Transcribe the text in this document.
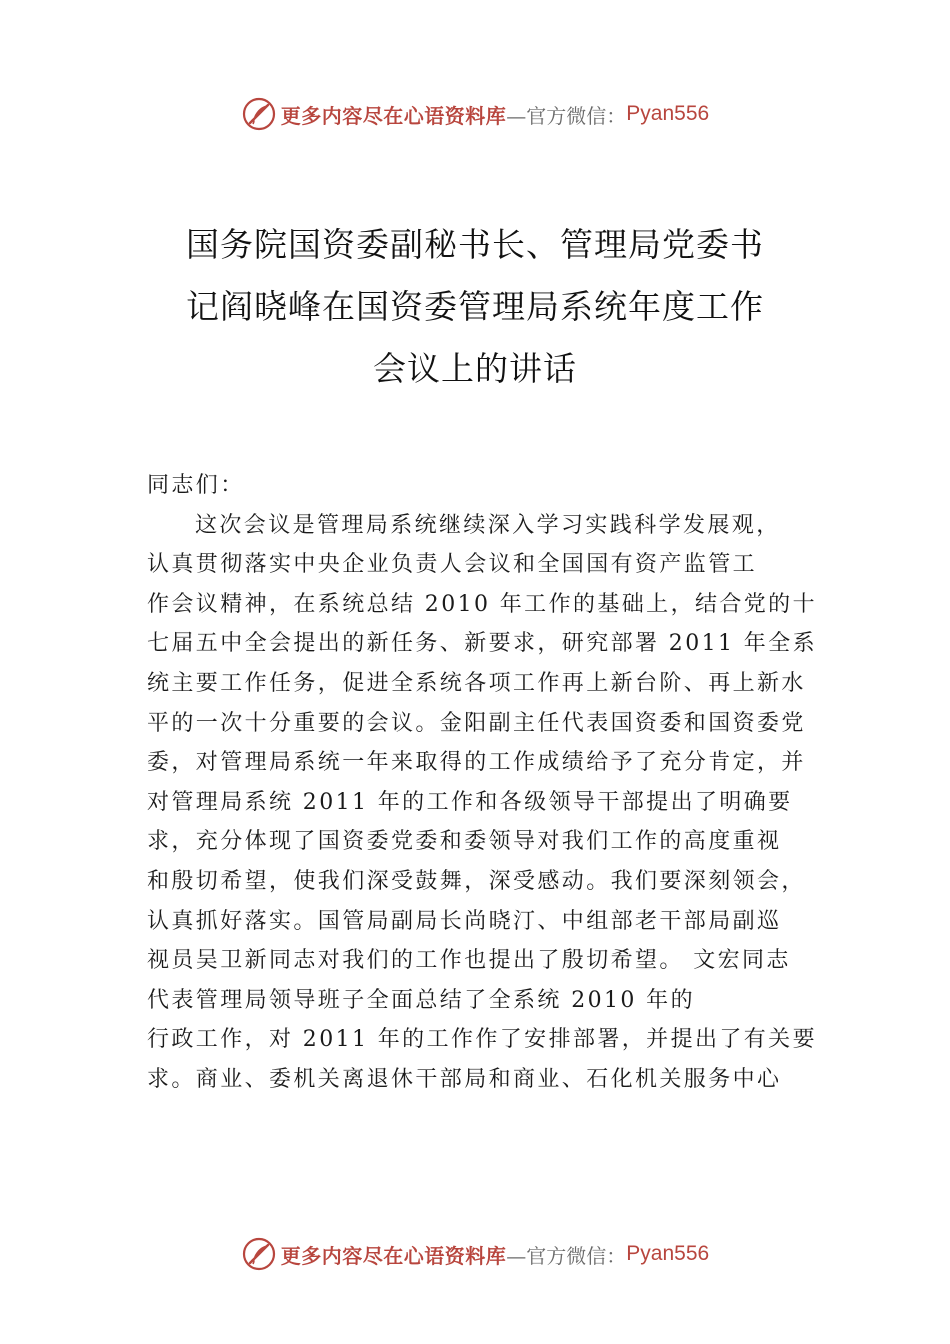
更多内容尽在心语资料库 —官方微信： Pyan556
国务院国资委副秘书长、管理局党委书
记阎晓峰在国资委管理局系统年度工作
会议上的讲话
同志们：
这次会议是管理局系统继续深入学习实践科学发展观，
认真贯彻落实中央企业负责人会议和全国国有资产监管工
作会议精神，在系统总结 2010 年工作的基础上，结合党的十
七届五中全会提出的新任务、新要求，研究部署 2011 年全系
统主要工作任务，促进全系统各项工作再上新台阶、再上新水
平的一次十分重要的会议。金阳副主任代表国资委和国资委党
委，对管理局系统一年来取得的工作成绩给予了充分肯定，并
对管理局系统 2011 年的工作和各级领导干部提出了明确要
求，充分体现了国资委党委和委领导对我们工作的高度重视
和殷切希望，使我们深受鼓舞，深受感动。我们要深刻领会，
认真抓好落实。国管局副局长尚晓汀、中组部老干部局副巡
视员吴卫新同志对我们的工作也提出了殷切希望。 文宏同志
代表管理局领导班子全面总结了全系统 2010 年的
行政工作，对 2011 年的工作作了安排部署，并提出了有关要
求。商业、委机关离退休干部局和商业、石化机关服务中心
更多内容尽在心语资料库 —官方微信： Pyan556
